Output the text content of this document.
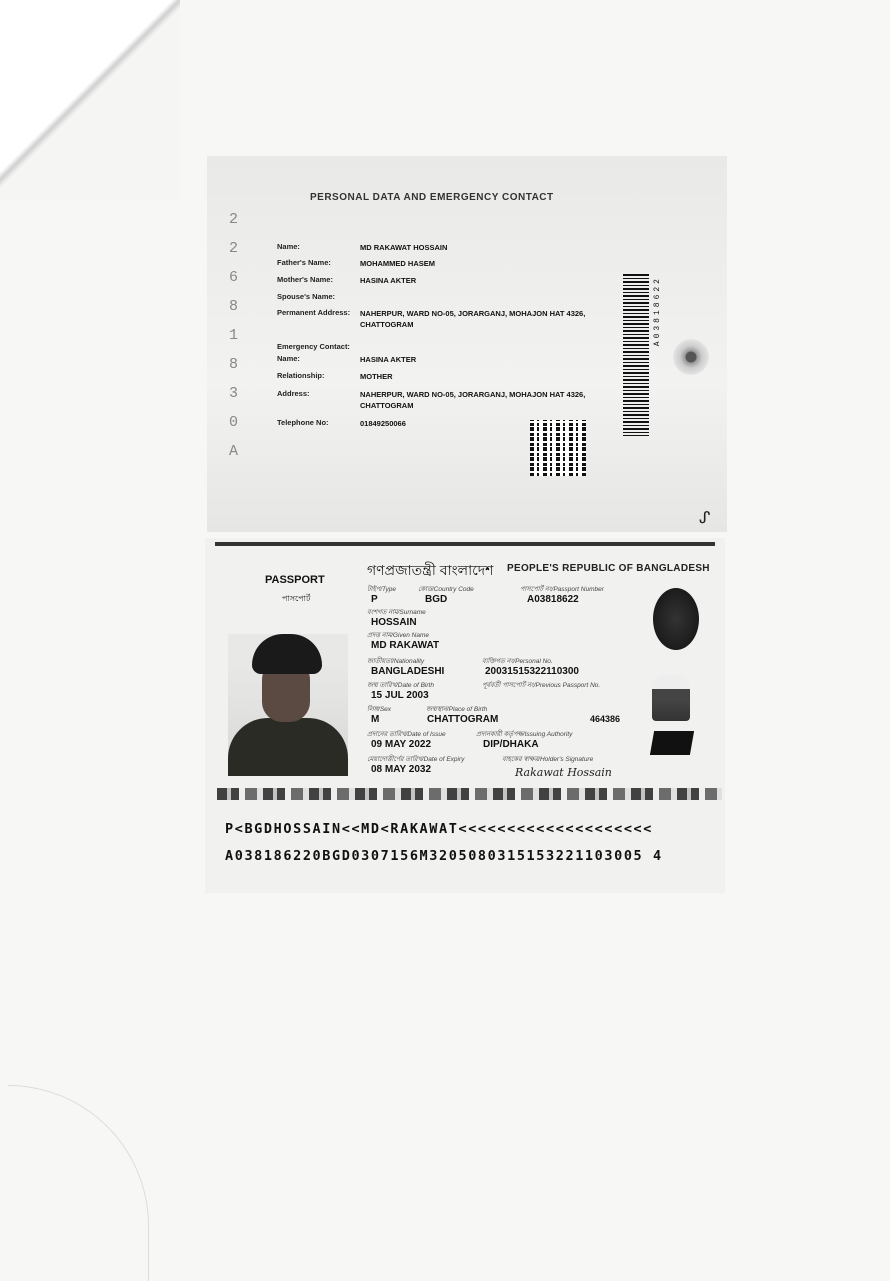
PERSONAL DATA AND EMERGENCY CONTACT
2
2
6
8
1
8
3
0
A
Name:	MD RAKAWAT HOSSAIN
Father's Name:	MOHAMMED HASEM
Mother's Name:	HASINA AKTER
Spouse's Name:
Permanent Address:	NAHERPUR, WARD NO-05, JORARGANJ, MOHAJON HAT 4326, CHATTOGRAM
Emergency Contact:
Name:	HASINA AKTER
Relationship:	MOTHER
Address:	NAHERPUR, WARD NO-05, JORARGANJ, MOHAJON HAT 4326, CHATTOGRAM
Telephone No:	01849250066
A03818622
ᔑ
PASSPORT
পাসপোর্ট
গণপ্রজাতন্ত্রী বাংলাদেশ PEOPLE'S REPUBLIC OF BANGLADESH
টাইপ/Type	কোড/Country Code	পাসপোর্ট নং/Passport Number
P	BGD	A03818622
বংশগত নাম/Surname
HOSSAIN
প্রদত্ত নাম/Given Name
MD RAKAWAT
জাতীয়তা/Nationality	ব্যক্তিগত নং/Personal No.
BANGLADESHI	20031515322110300
জন্ম তারিখ/Date of Birth	পূর্ববর্তী পাসপোর্ট নং/Previous Passport No.
15 JUL 2003
লিঙ্গ/Sex	জন্মস্থান/Place of Birth
M	CHATTOGRAM	464386
প্রদানের তারিখ/Date of Issue	প্রদানকারী কর্তৃপক্ষ/Issuing Authority
09 MAY 2022	DIP/DHAKA
মেয়াদোত্তীর্ণের তারিখ/Date of Expiry	বাহকের স্বাক্ষর/Holder's Signature
08 MAY 2032	Rakawat Hossain
P<BGDHOSSAIN<<MD<RAKAWAT<<<<<<<<<<<<<<<<<<<<
A038186220BGD0307156M3205080315153221103005 4
